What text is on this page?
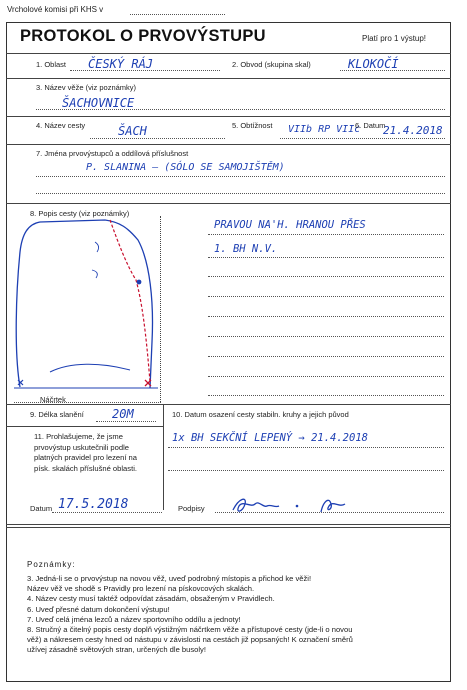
Vrcholové komisi při KHS v
PROTOKOL O PRVOVÝSTUPU	Platí pro 1 výstup!
1. Oblast ČESKÝ RÁJ	2. Obvod (skupina skal)	KLOKOČÍ
3. Název věže (viz poznámky)
ŠACHOVNICE
4. Název cesty	ŠACH	5. Obtížnost VIIb RP VIIc
6. Datum
21.4.2018
7. Jména prvovýstupců a oddílová příslušnost
P. SLANINA — (SÓLO SE SAMOJIŠTĚM)
8. Popis cesty (viz poznámky)
PRAVOU NA'H. HRANOU PŘES
1. BH N.V.
Náčrtek
9. Délka slanění 20M	10. Datum osazení cesty stabiln. kruhy a jejich původ
1x BH SEKČNÍ LEPENÝ → 21.4.2018
11. Prohlašujeme, že jsme prvovýstup uskutečnili podle platných pravidel pro lezení na písk. skalách příslušné oblasti.
Datum 17.5.2018	Podpisy
Poznámky:
3. Jedná-li se o prvovýstup na novou věž, uveď podrobný místopis a přichod ke věži!
Název věž ve shodě s Pravidly pro lezení na pískovcových skalách.
4. Název cesty musí taktéž odpovídat zásadám, obsaženým v Pravidlech.
6. Uveď přesné datum dokončení výstupu!
7. Uveď celá jména lezců a název sportovního oddílu a jednoty!
8. Stručný a čitelný popis cesty doplň výstižným náčrtkem věže a přístupové cesty (jde-li o novou
věž) a nákresem cesty hned od nástupu v závislosti na cestách již popsaných! K označení směrů
užívej zásadně světových stran, určených dle busoly!
